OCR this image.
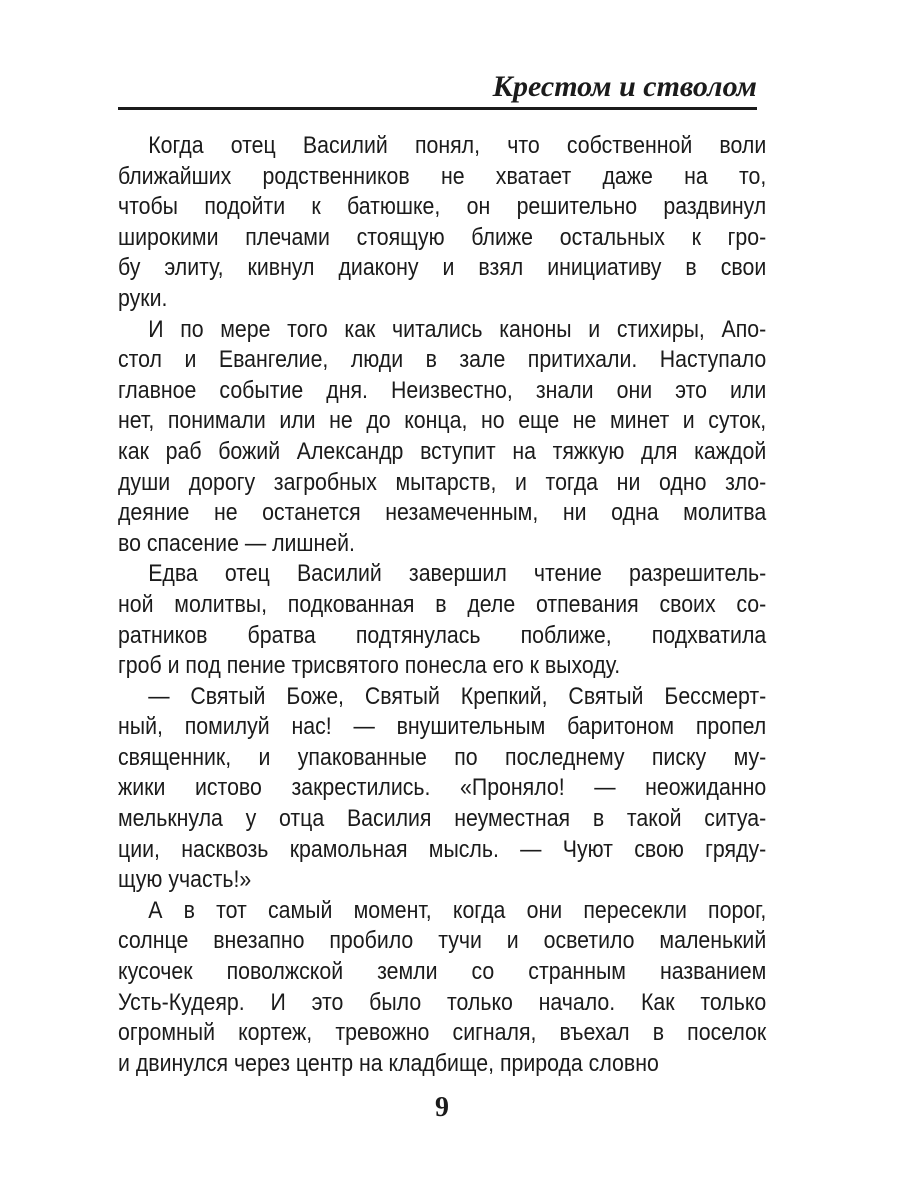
Крестом и стволом
Когда отец Василий понял, что собственной воли
ближайших родственников не хватает даже на то,
чтобы подойти к батюшке, он решительно раздвинул
широкими плечами стоящую ближе остальных к гро-
бу элиту, кивнул диакону и взял инициативу в свои
руки.
И по мере того как читались каноны и стихиры, Апо-
стол и Евангелие, люди в зале притихали. Наступало
главное событие дня. Неизвестно, знали они это или
нет, понимали или не до конца, но еще не минет и суток,
как раб божий Александр вступит на тяжкую для каждой
души дорогу загробных мытарств, и тогда ни одно зло-
деяние не останется незамеченным, ни одна молитва
во спасение — лишней.
Едва отец Василий завершил чтение разрешитель-
ной молитвы, подкованная в деле отпевания своих со-
ратников братва подтянулась поближе, подхватила
гроб и под пение трисвятого понесла его к выходу.
— Святый Боже, Святый Крепкий, Святый Бессмерт-
ный, помилуй нас! — внушительным баритоном пропел
священник, и упакованные по последнему писку му-
жики истово закрестились. «Проняло! — неожиданно
мелькнула у отца Василия неуместная в такой ситуа-
ции, насквозь крамольная мысль. — Чуют свою гряду-
щую участь!»
А в тот самый момент, когда они пересекли порог,
солнце внезапно пробило тучи и осветило маленький
кусочек поволжской земли со странным названием
Усть-Кудеяр. И это было только начало. Как только
огромный кортеж, тревожно сигналя, въехал в поселок
и двинулся через центр на кладбище, природа словно
9
